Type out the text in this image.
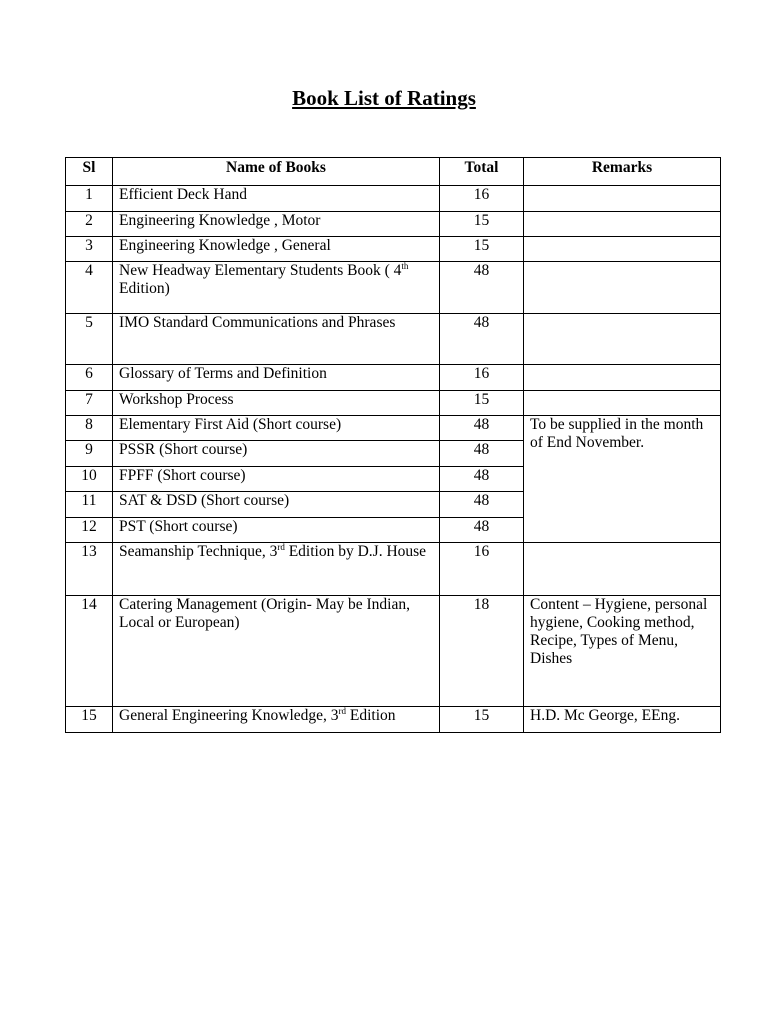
Book List of Ratings
Sl	Name of Books	Total	Remarks
1	Efficient Deck Hand	16	
2	Engineering Knowledge , Motor	15	
3	Engineering Knowledge , General	15	
4	New Headway Elementary Students Book ( 4th
Edition)	48	
5	IMO Standard Communications and Phrases	48	
6	Glossary of Terms and Definition	16	
7	Workshop Process	15	
8	Elementary First Aid (Short course)	48	To be supplied in the month of End November.
9	PSSR (Short course)	48	
10	FPFF (Short course)	48	
11	SAT & DSD (Short course)	48	
12	PST (Short course)	48	
13	Seamanship Technique, 3rd Edition by D.J. House	16	
14	Catering Management (Origin- May be Indian, Local or European)	18	Content – Hygiene, personal hygiene, Cooking method, Recipe, Types of Menu, Dishes
15	General Engineering Knowledge, 3rd Edition	15	H.D. Mc George, EEng.
